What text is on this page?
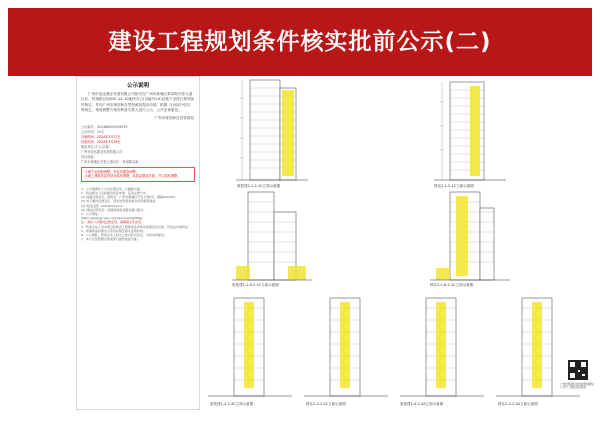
建设工程规划条件核实批前公示(二)
公示说明
广州市冠达置业发展有限公司拟对在广州市黄埔区萝岗街开泰大道以东、科翔路以南KXC-14-10地块办公(自编号2#)及地下室进行规划条件核实，并向广州市规划和自然资源局提出申请。根据《行政许可法》等规定，现将调整方案向利害关系人进行公示，公开征询意见。
广州市规划和自然资源局
公示编号：2024B0000009993
公示时间：10天
开始时间：2024年3月17日
结束时间：2024年3月26日
建设单位(个人)名称：
广州市冠达置业发展有限公司
项目地址：
广州市黄埔区开泰大道以东、科翔路以南
①地下室面积调整，车位布置有调整；
②地上建筑首层内部布局有调整，标高层增加平面，外立面有调整。
1、公示期满后十日内反馈意见，以邮戳为准。
2、利益相关人有权提出听证申请，意见反馈方式：
(1) 信函反馈意见，请寄至：广州市黄埔区开发大道2号，邮编510530；
(2) 电子邮件反馈意见，请发送至规划和自然资源局网站；
(3) 电话反馈：020-82xxxxxx
(4) 现场反馈意见：请到规划政务服务窗口提交。
3、公示网址：
https://ghzy.gz.gov.cn/ywpd/csgh/ghzfgs/
注：请在公示期内反馈意见，逾期视为无意见。
4、利害关系人对该项目的建设工程规划条件核实结果有异议的，可依法申请听证。
5、申请听证时须出示身份证明及相关证明材料。
6、公示期间，利害关系人如对上述内容有意见，可向本局提出。
7、本公告及附图以规划部门最终批复为准。
原报建2-1-2-1C立面示意图	核实2-1-2-1C立面示意图
原报建2-1-6-2-1C立面示意图	核实2-1-6-2-1C立面示意图
原报建2-4-2-4C立面示意图	核实2-4-2-4C立面示意图	原报建2-4-2-4A立面示意图	核实2-4-2-4A立面示意图
广州市规划和自然资源局微信公众号二维码扫码查阅
